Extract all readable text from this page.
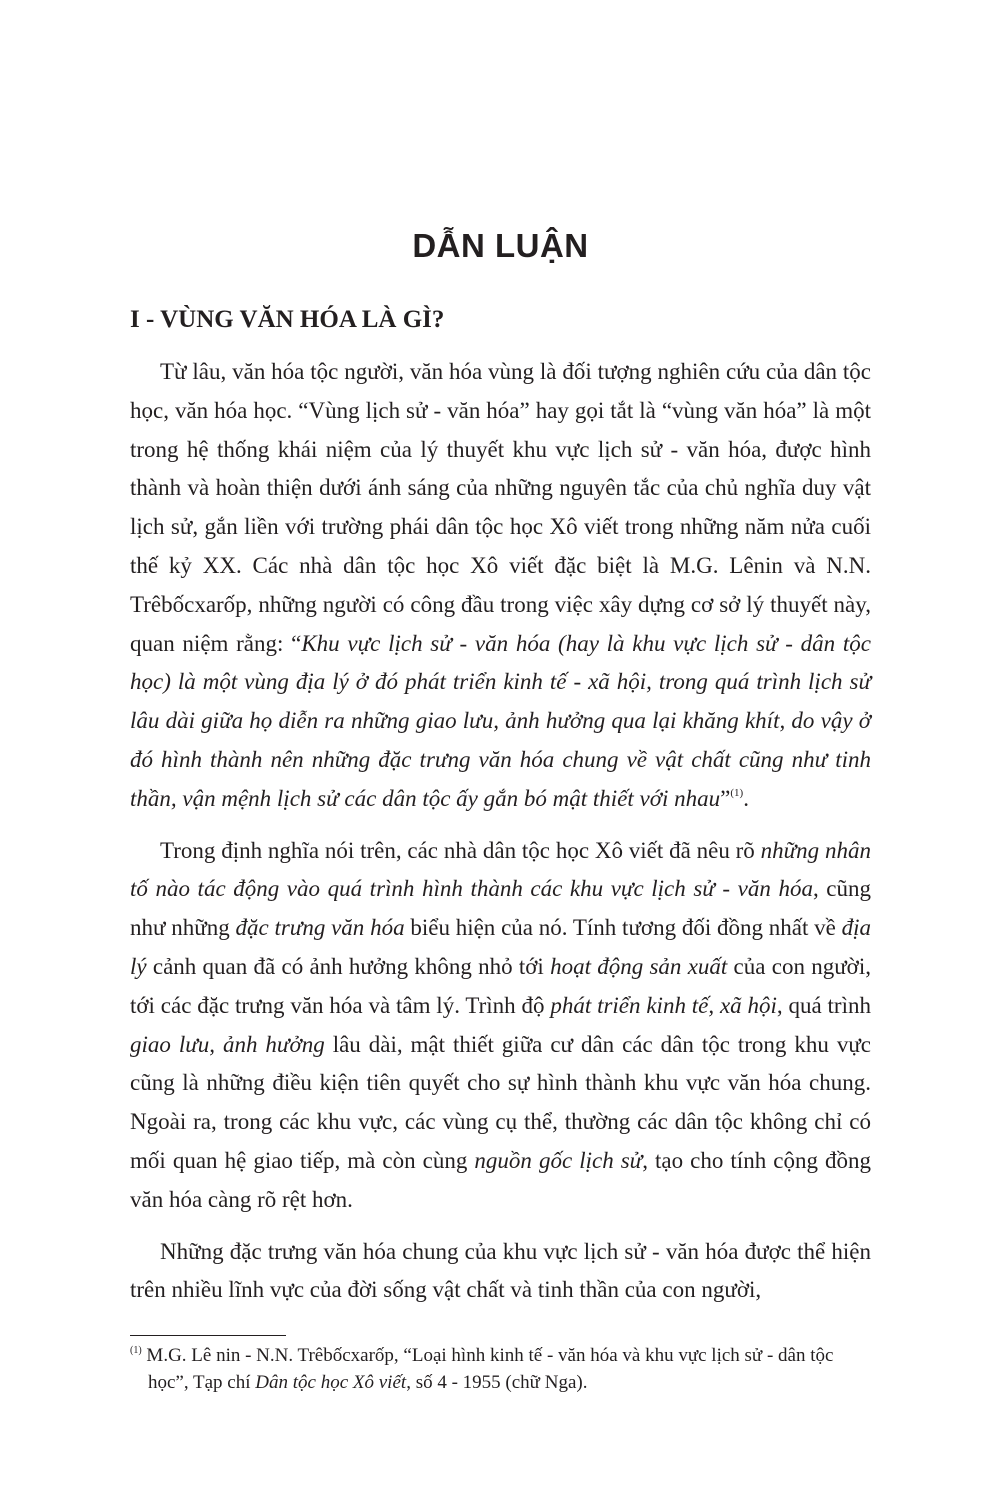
DẪN LUẬN
I - VÙNG VĂN HÓA LÀ GÌ?

Từ lâu, văn hóa tộc người, văn hóa vùng là đối tượng nghiên cứu của dân tộc học, văn hóa học. “Vùng lịch sử - văn hóa” hay gọi tắt là “vùng văn hóa” là một trong hệ thống khái niệm của lý thuyết khu vực lịch sử - văn hóa, được hình thành và hoàn thiện dưới ánh sáng của những nguyên tắc của chủ nghĩa duy vật lịch sử, gắn liền với trường phái dân tộc học Xô viết trong những năm nửa cuối thế kỷ XX. Các nhà dân tộc học Xô viết đặc biệt là M.G. Lênin và N.N. Trêbốcxarốp, những người có công đầu trong việc xây dựng cơ sở lý thuyết này, quan niệm rằng: “Khu vực lịch sử - văn hóa (hay là khu vực lịch sử - dân tộc học) là một vùng địa lý ở đó phát triển kinh tế - xã hội, trong quá trình lịch sử lâu dài giữa họ diễn ra những giao lưu, ảnh hưởng qua lại khăng khít, do vậy ở đó hình thành nên những đặc trưng văn hóa chung về vật chất cũng như tinh thần, vận mệnh lịch sử các dân tộc ấy gắn bó mật thiết với nhau”$^{(1)}$.

Trong định nghĩa nói trên, các nhà dân tộc học Xô viết đã nêu rõ những nhân tố nào tác động vào quá trình hình thành các khu vực lịch sử - văn hóa, cũng như những đặc trưng văn hóa biểu hiện của nó. Tính tương đối đồng nhất về địa lý cảnh quan đã có ảnh hưởng không nhỏ tới hoạt động sản xuất của con người, tới các đặc trưng văn hóa và tâm lý. Trình độ phát triển kinh tế, xã hội, quá trình giao lưu, ảnh hưởng lâu dài, mật thiết giữa cư dân các dân tộc trong khu vực cũng là những điều kiện tiên quyết cho sự hình thành khu vực văn hóa chung. Ngoài ra, trong các khu vực, các vùng cụ thể, thường các dân tộc không chỉ có mối quan hệ giao tiếp, mà còn cùng nguồn gốc lịch sử, tạo cho tính cộng đồng văn hóa càng rõ rệt hơn.

Những đặc trưng văn hóa chung của khu vực lịch sử - văn hóa được thể hiện trên nhiều lĩnh vực của đời sống vật chất và tinh thần của con người,

$^{(1)}$ M.G. Lê nin - N.N. Trêbốcxarốp, “Loại hình kinh tế - văn hóa và khu vực lịch sử - dân tộc học”, Tạp chí Dân tộc học Xô viết, số 4 - 1955 (chữ Nga).
